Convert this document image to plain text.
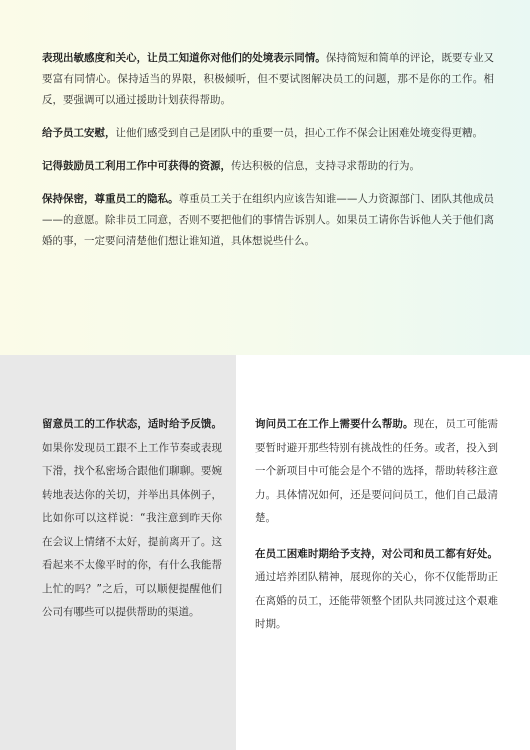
表现出敏感度和关心，让员工知道你对他们的处境表示同情。保持简短和简单的评论，既要专业又要富有同情心。保持适当的界限，积极倾听，但不要试图解决员工的问题，那不是你的工作。相反，要强调可以通过援助计划获得帮助。

给予员工安慰，让他们感受到自己是团队中的重要一员，担心工作不保会让困难处境变得更糟。

记得鼓励员工利用工作中可获得的资源，传达积极的信息，支持寻求帮助的行为。

保持保密，尊重员工的隐私。尊重员工关于在组织内应该告知谁——人力资源部门、团队其他成员——的意愿。除非员工同意，否则不要把他们的事情告诉别人。如果员工请你告诉他人关于他们离婚的事，一定要问清楚他们想让谁知道，具体想说些什么。

留意员工的工作状态，适时给予反馈。如果你发现员工跟不上工作节奏或表现下滑，找个私密场合跟他们聊聊。要婉转地表达你的关切，并举出具体例子，比如你可以这样说：“我注意到昨天你在会议上情绪不太好，提前离开了。这看起来不太像平时的你，有什么我能帮上忙的吗？”之后，可以顺便提醒他们公司有哪些可以提供帮助的渠道。

询问员工在工作上需要什么帮助。现在，员工可能需要暂时避开那些特别有挑战性的任务。或者，投入到一个新项目中可能会是个不错的选择，帮助转移注意力。具体情况如何，还是要问问员工，他们自己最清楚。

在员工困难时期给予支持，对公司和员工都有好处。通过培养团队精神，展现你的关心，你不仅能帮助正在离婚的员工，还能带领整个团队共同渡过这个艰难时期。
